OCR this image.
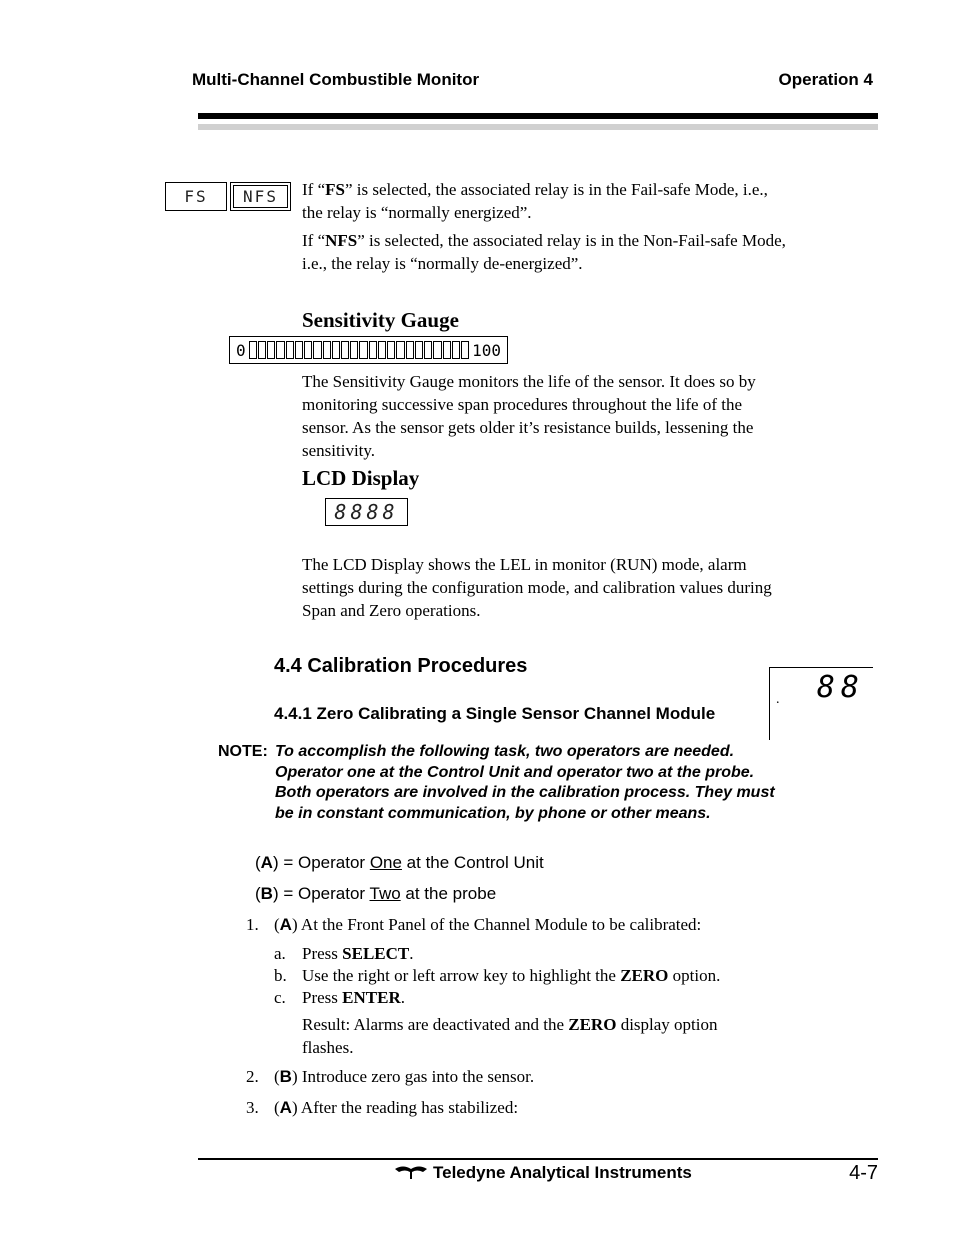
Multi-Channel Combustible Monitor	Operation 4
FS	NFS	If “FS” is selected, the associated relay is in the Fail-safe Mode, i.e., the relay is “normally energized”.
If “NFS” is selected, the associated relay is in the Non-Fail-safe Mode, i.e., the relay is “normally de-energized”.
Sensitivity Gauge
0	100
The Sensitivity Gauge monitors the life of the sensor. It does so by monitoring successive span procedures throughout the life of the sensor. As the sensor gets older it’s resistance builds, lessening the sensitivity.
LCD Display
8888
The LCD Display shows the LEL in monitor (RUN) mode, alarm settings during the configuration mode, and calibration values during Span and Zero operations.
4.4 Calibration Procedures
4.4.1 Zero Calibrating a Single Sensor Channel Module
. 88
NOTE: To accomplish the following task, two operators are needed. Operator one at the Control Unit and operator two at the probe. Both operators are involved in the calibration process. They must be in constant communication, by phone or other means.
(A) = Operator One at the Control Unit
(B) = Operator Two at the probe
1. (A) At the Front Panel of the Channel Module to be calibrated:
a. Press SELECT.
b. Use the right or left arrow key to highlight the ZERO option.
c. Press ENTER.
Result: Alarms are deactivated and the ZERO display option flashes.
2. (B) Introduce zero gas into the sensor.
3. (A) After the reading has stabilized:
Teledyne Analytical Instruments	4-7
